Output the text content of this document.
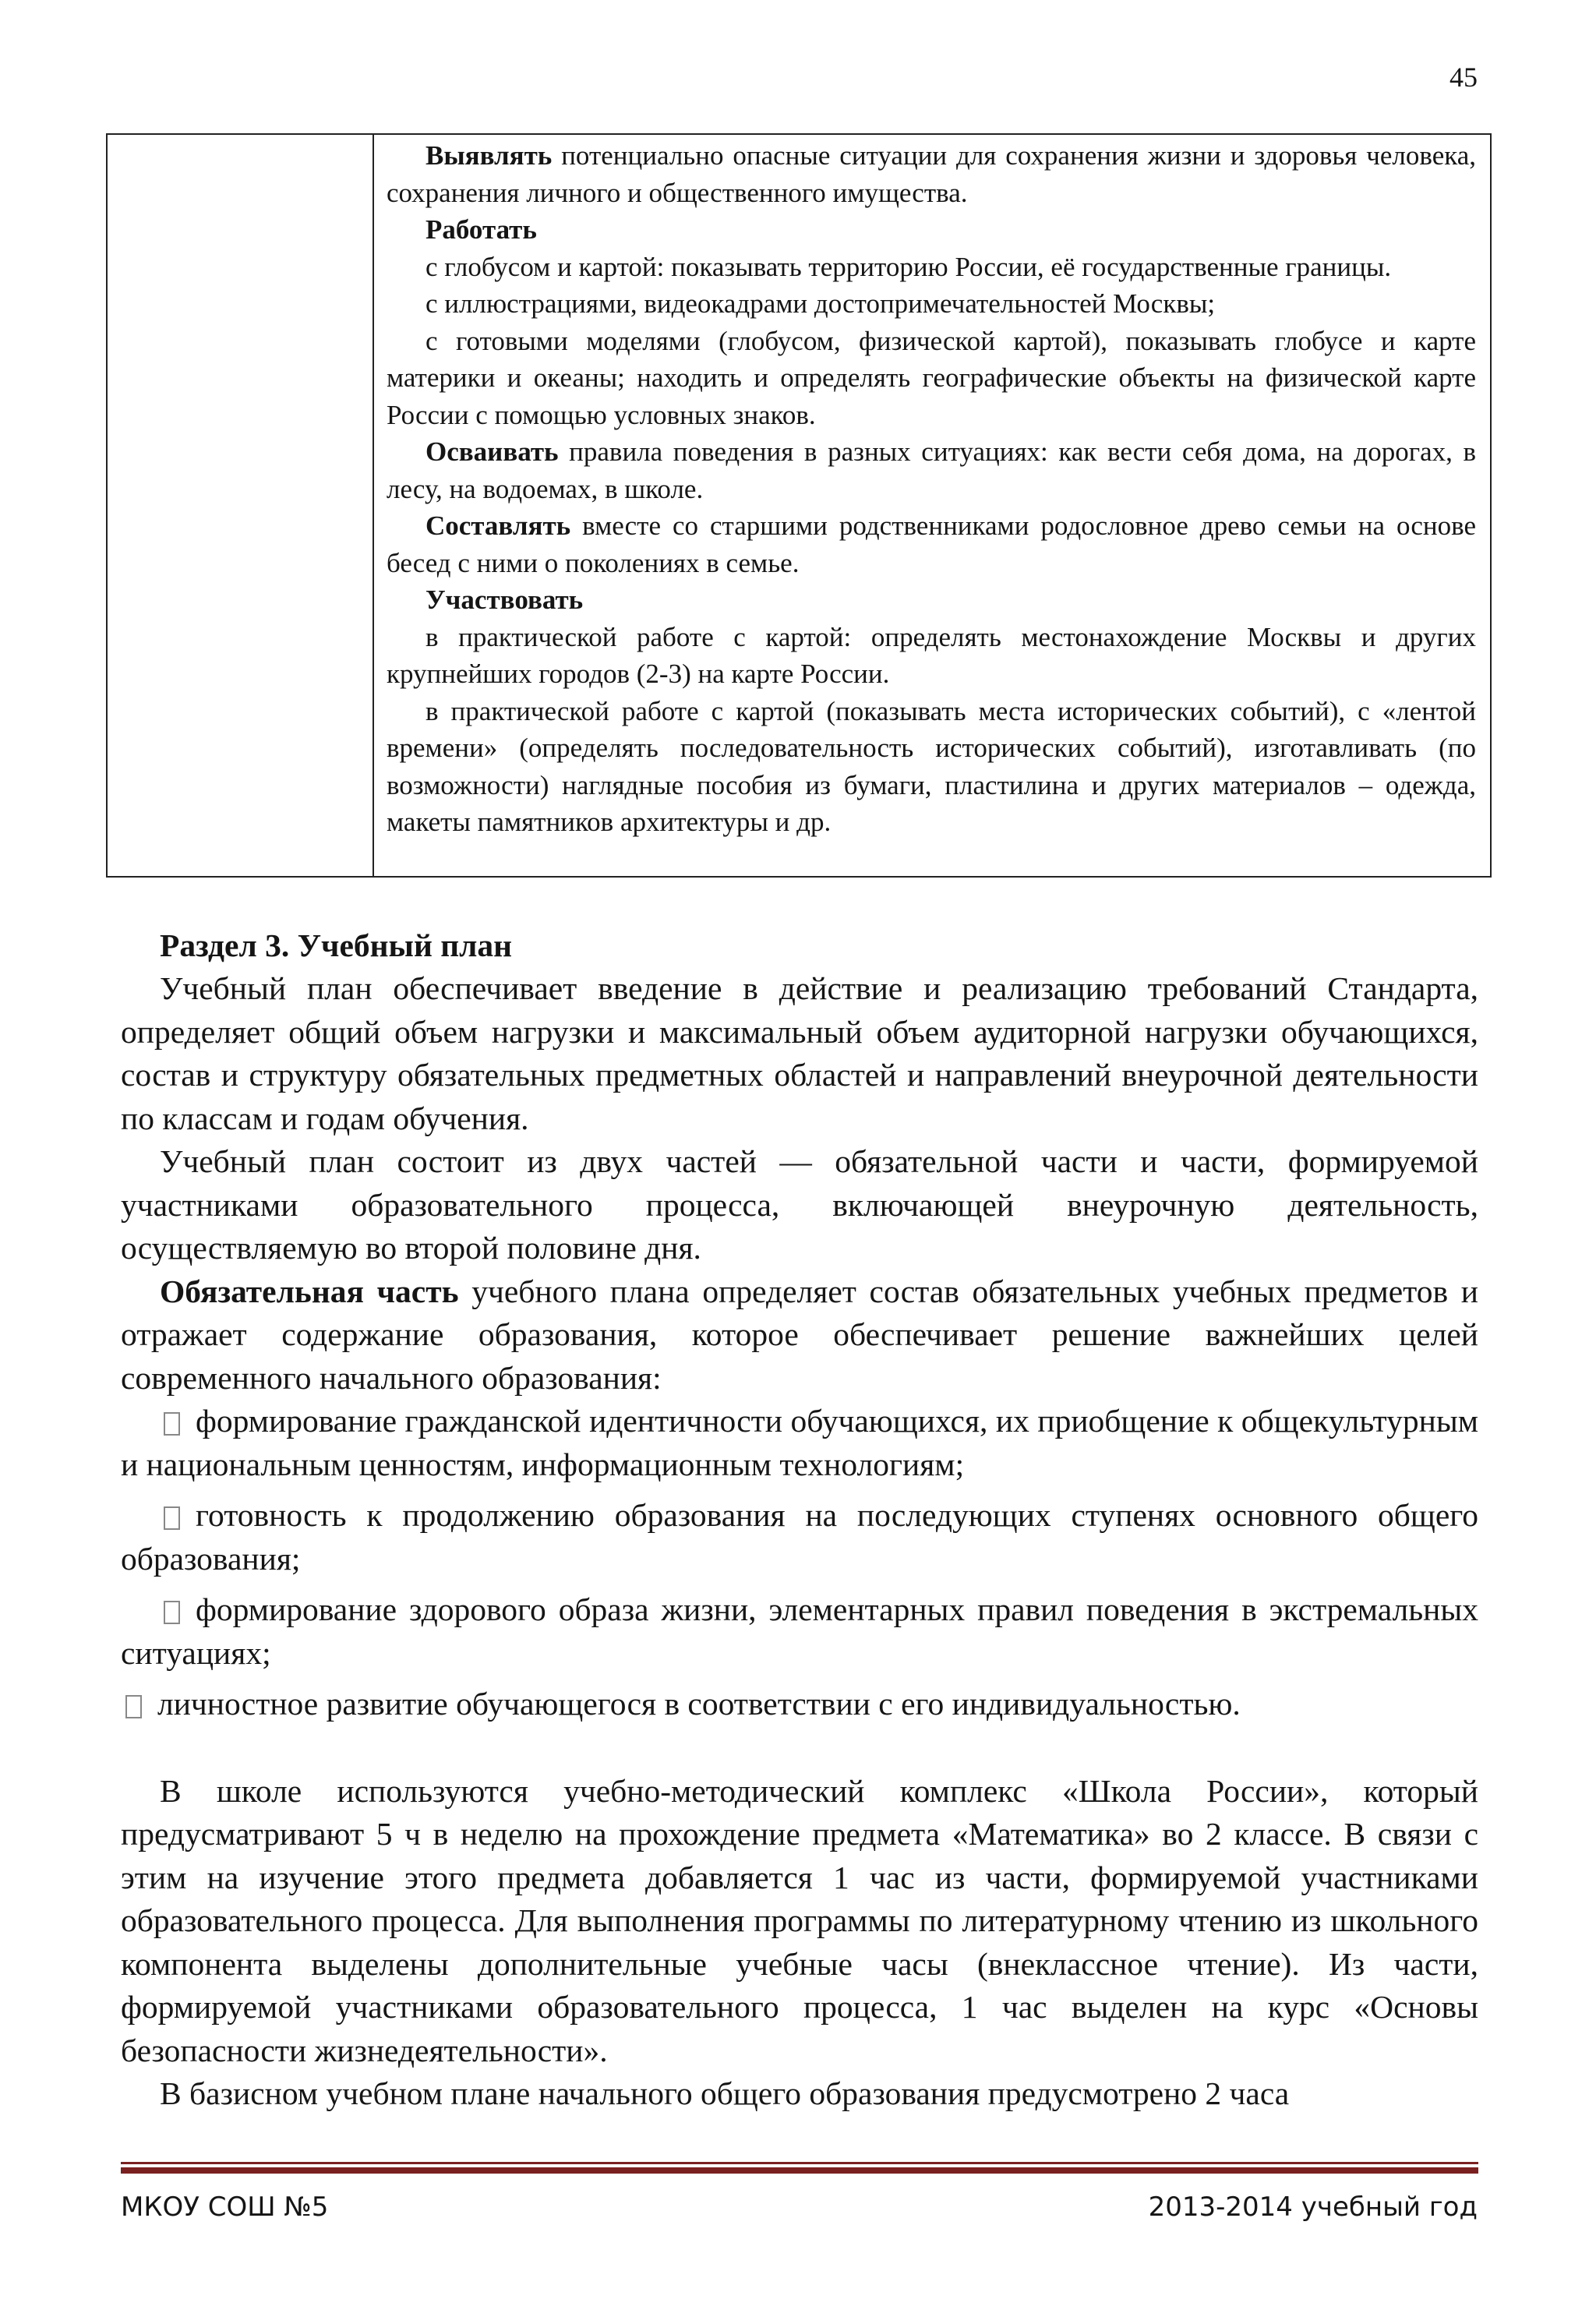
45

Выявлять потенциально опасные ситуации для сохранения жизни и здоровья человека, сохранения личного и общественного имущества.

Работать

с глобусом и картой: показывать территорию России, её государственные границы.

с иллюстрациями, видеокадрами достопримечательностей Москвы;

с готовыми моделями (глобусом, физической картой), показывать глобусе и карте материки и океаны; находить и определять географические объекты на физической карте России с помощью условных знаков.

Осваивать правила поведения в разных ситуациях: как вести себя дома, на дорогах, в лесу, на водоемах, в школе.

Составлять вместе со старшими родственниками родословное древо семьи на основе бесед с ними о поколениях в семье.

Участвовать

в практической работе с картой: определять местонахождение Москвы и других крупнейших городов (2-3) на карте России.

в практической работе с картой (показывать места исторических событий), с «лентой времени» (определять последовательность исторических событий), изготавливать (по возможности) наглядные пособия из бумаги, пластилина и других материалов – одежда, макеты памятников архитектуры и др.

Раздел 3. Учебный план

Учебный план обеспечивает введение в действие и реализацию требований Стандарта, определяет общий объем нагрузки и максимальный объем аудиторной нагрузки обучающихся, состав и структуру обязательных предметных областей и направлений внеурочной деятельности по классам и годам обучения.

Учебный план состоит из двух частей — обязательной части и части, формируемой участниками образовательного процесса, включающей внеурочную деятельность, осуществляемую во второй половине дня.

Обязательная часть учебного плана определяет состав обязательных учебных предметов и отражает содержание образования, которое обеспечивает решение важнейших целей современного начального образования:

формирование гражданской идентичности обучающихся, их приобщение к общекультурным и национальным ценностям, информационным технологиям;

готовность к продолжению образования на последующих ступенях основного общего образования;

формирование здорового образа жизни, элементарных правил поведения в экстремальных ситуациях;

личностное развитие обучающегося в соответствии с его индивидуальностью.

В школе используются учебно-методический комплекс «Школа России», который предусматривают 5 ч в неделю на прохождение предмета «Математика» во 2 классе. В связи с этим на изучение этого предмета добавляется 1 час из части, формируемой участниками образовательного процесса. Для выполнения программы по литературному чтению из школьного компонента выделены дополнительные учебные часы (внеклассное чтение). Из части, формируемой участниками образовательного процесса, 1 час выделен на курс «Основы безопасности жизнедеятельности».

В базисном учебном плане начального общего образования предусмотрено 2 часа

МКОУ СОШ №5	2013-2014 учебный год
